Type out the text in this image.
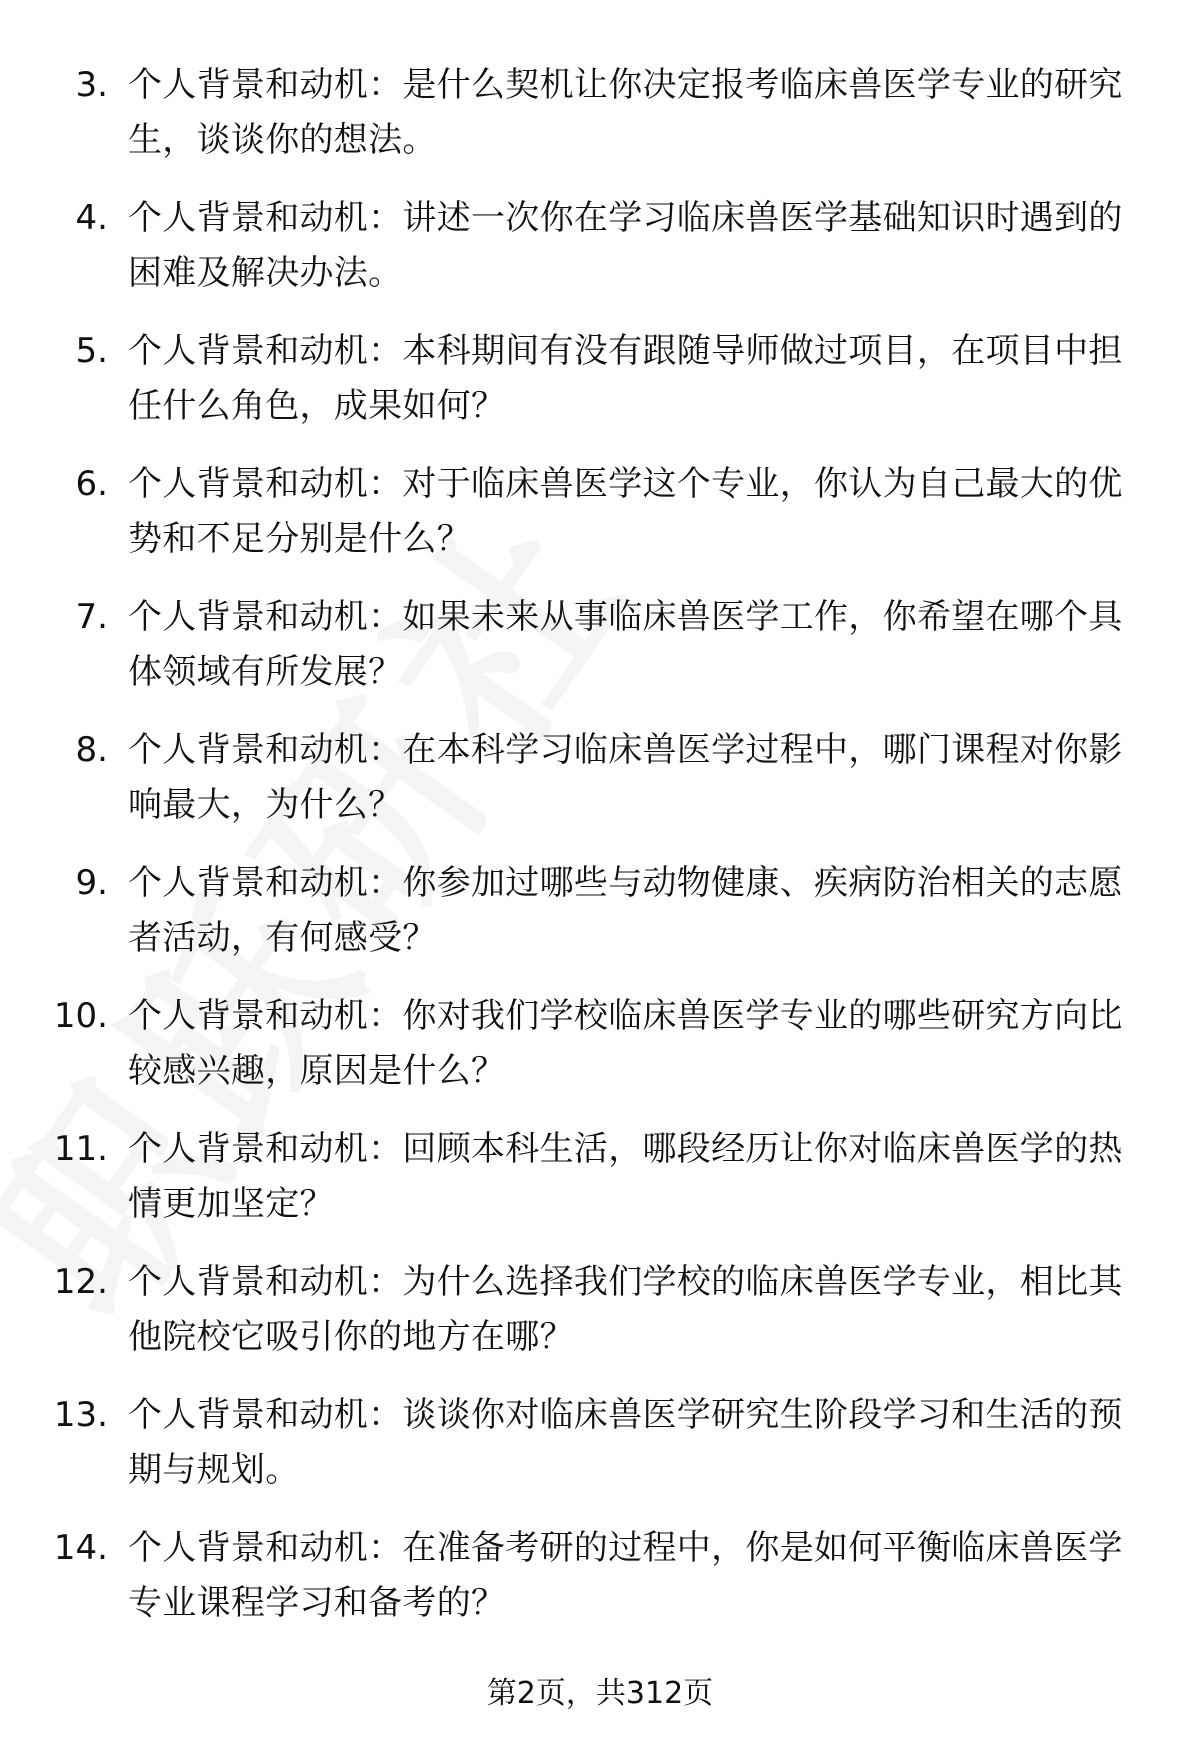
3. 个人背景和动机：是什么契机让你决定报考临床兽医学专业的研究生，谈谈你的想法。
4. 个人背景和动机：讲述一次你在学习临床兽医学基础知识时遇到的困难及解决办法。
5. 个人背景和动机：本科期间有没有跟随导师做过项目，在项目中担任什么角色，成果如何？
6. 个人背景和动机：对于临床兽医学这个专业，你认为自己最大的优势和不足分别是什么？
7. 个人背景和动机：如果未来从事临床兽医学工作，你希望在哪个具体领域有所发展？
8. 个人背景和动机：在本科学习临床兽医学过程中，哪门课程对你影响最大，为什么？
9. 个人背景和动机：你参加过哪些与动物健康、疾病防治相关的志愿者活动，有何感受？
10. 个人背景和动机：你对我们学校临床兽医学专业的哪些研究方向比较感兴趣，原因是什么？
11. 个人背景和动机：回顾本科生活，哪段经历让你对临床兽医学的热情更加坚定？
12. 个人背景和动机：为什么选择我们学校的临床兽医学专业，相比其他院校它吸引你的地方在哪？
13. 个人背景和动机：谈谈你对临床兽医学研究生阶段学习和生活的预期与规划。
14. 个人背景和动机：在准备考研的过程中，你是如何平衡临床兽医学专业课程学习和备考的？
第2页，共312页
